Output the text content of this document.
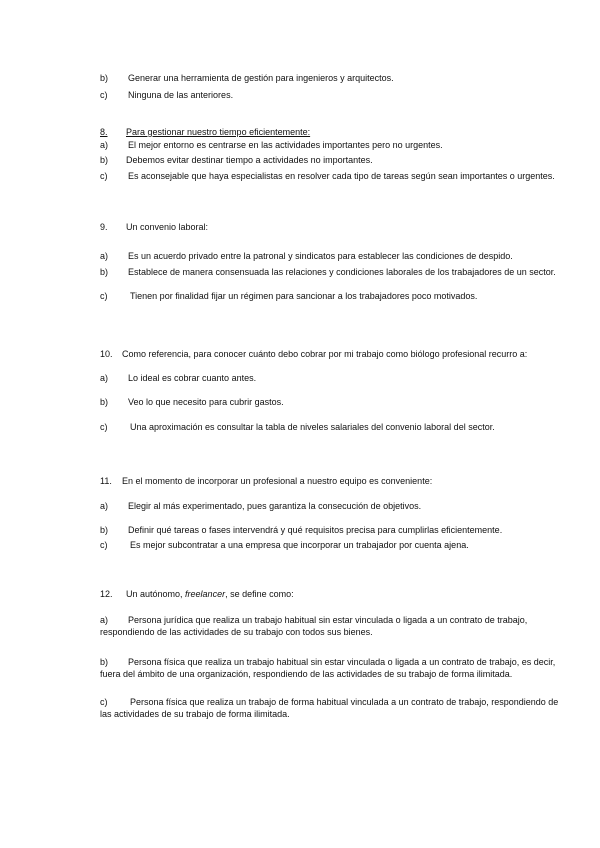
b)	Generar una herramienta de gestión para ingenieros y arquitectos.
c)	Ninguna de las anteriores.
8.	Para gestionar nuestro tiempo eficientemente:
a)	El mejor entorno es centrarse en las actividades importantes pero no urgentes.
b)	Debemos evitar destinar tiempo a actividades no importantes.
c) Es aconsejable que haya especialistas en resolver cada tipo de tareas según sean importantes o urgentes.
9.	Un convenio laboral:
a)	Es un acuerdo privado entre la patronal y sindicatos para establecer las condiciones de despido.
b) Establece de manera consensuada las relaciones y condiciones laborales de los trabajadores de un sector.
c)	Tienen por finalidad fijar un régimen para sancionar a los trabajadores poco motivados.
10. Como referencia, para conocer cuánto debo cobrar por mi trabajo como biólogo profesional recurro a:
a)	Lo ideal es cobrar cuanto antes.
b)	Veo lo que necesito para cubrir gastos.
c)	Una aproximación es consultar la tabla de niveles salariales del convenio laboral del sector.
11.	En el momento de incorporar un profesional a nuestro equipo es conveniente:
a)	Elegir al más experimentado, pues garantiza la consecución de objetivos.
b)	Definir qué tareas o fases intervendrá y qué requisitos precisa para cumplirlas eficientemente.
c)	Es mejor subcontratar a una empresa que incorporar un trabajador por cuenta ajena.
12.	Un autónomo, freelancer , se define como:
a) Persona jurídica que realiza un trabajo habitual sin estar vinculada o ligada a un contrato de trabajo, respondiendo de las actividades de su trabajo con todos sus bienes.
b) Persona física que realiza un trabajo habitual sin estar vinculada o ligada a un contrato de trabajo, es decir, fuera del ámbito de una organización, respondiendo de las actividades de su trabajo de forma ilimitada.
c)	Persona física que realiza un trabajo de forma habitual vinculada a un contrato de trabajo, respondiendo de las actividades de su trabajo de forma ilimitada.
